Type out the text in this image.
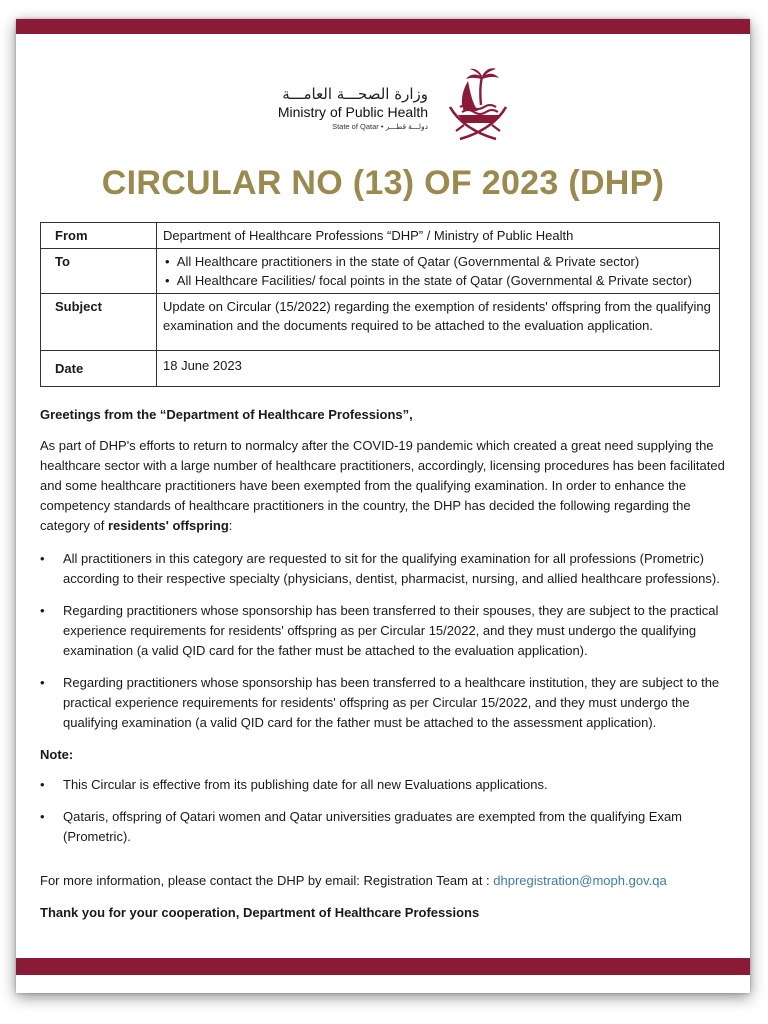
وزارة الصحـــة العامـــة
Ministry of Public Health
State of Qatar • دولـــة قطـــر
CIRCULAR NO (13) OF 2023 (DHP)
From	Department of Healthcare Professions “DHP” / Ministry of Public Health
To	•  All Healthcare practitioners in the state of Qatar (Governmental & Private sector)
•  All Healthcare Facilities/ focal points in the state of Qatar (Governmental & Private sector)

Subject	Update on Circular (15/2022) regarding the exemption of residents' offspring from the qualifying examination and the documents required to be attached to the evaluation application.
Date	18 June 2023

Greetings from the “Department of Healthcare Professions”,

As part of DHP's efforts to return to normalcy after the COVID-19 pandemic which created a great need supplying the healthcare sector with a large number of healthcare practitioners, accordingly, licensing procedures has been facilitated and some healthcare practitioners have been exempted from the qualifying examination. In order to enhance the competency standards of healthcare practitioners in the country, the DHP has decided the following regarding the category of residents' offspring:

• All practitioners in this category are requested to sit for the qualifying examination for all professions (Prometric) according to their respective specialty (physicians, dentist, pharmacist, nursing, and allied healthcare professions).
• Regarding practitioners whose sponsorship has been transferred to their spouses, they are subject to the practical experience requirements for residents' offspring as per Circular 15/2022, and they must undergo the qualifying examination (a valid QID card for the father must be attached to the evaluation application).
• Regarding practitioners whose sponsorship has been transferred to a healthcare institution, they are subject to the practical experience requirements for residents' offspring as per Circular 15/2022, and they must undergo the qualifying examination (a valid QID card for the father must be attached to the assessment application).

Note:

• This Circular is effective from its publishing date for all new Evaluations applications.
• Qataris, offspring of Qatari women and Qatar universities graduates are exempted from the qualifying Exam (Prometric).

For more information, please contact the DHP by email: Registration Team at : dhpregistration@moph.gov.qa

Thank you for your cooperation, Department of Healthcare Professions
